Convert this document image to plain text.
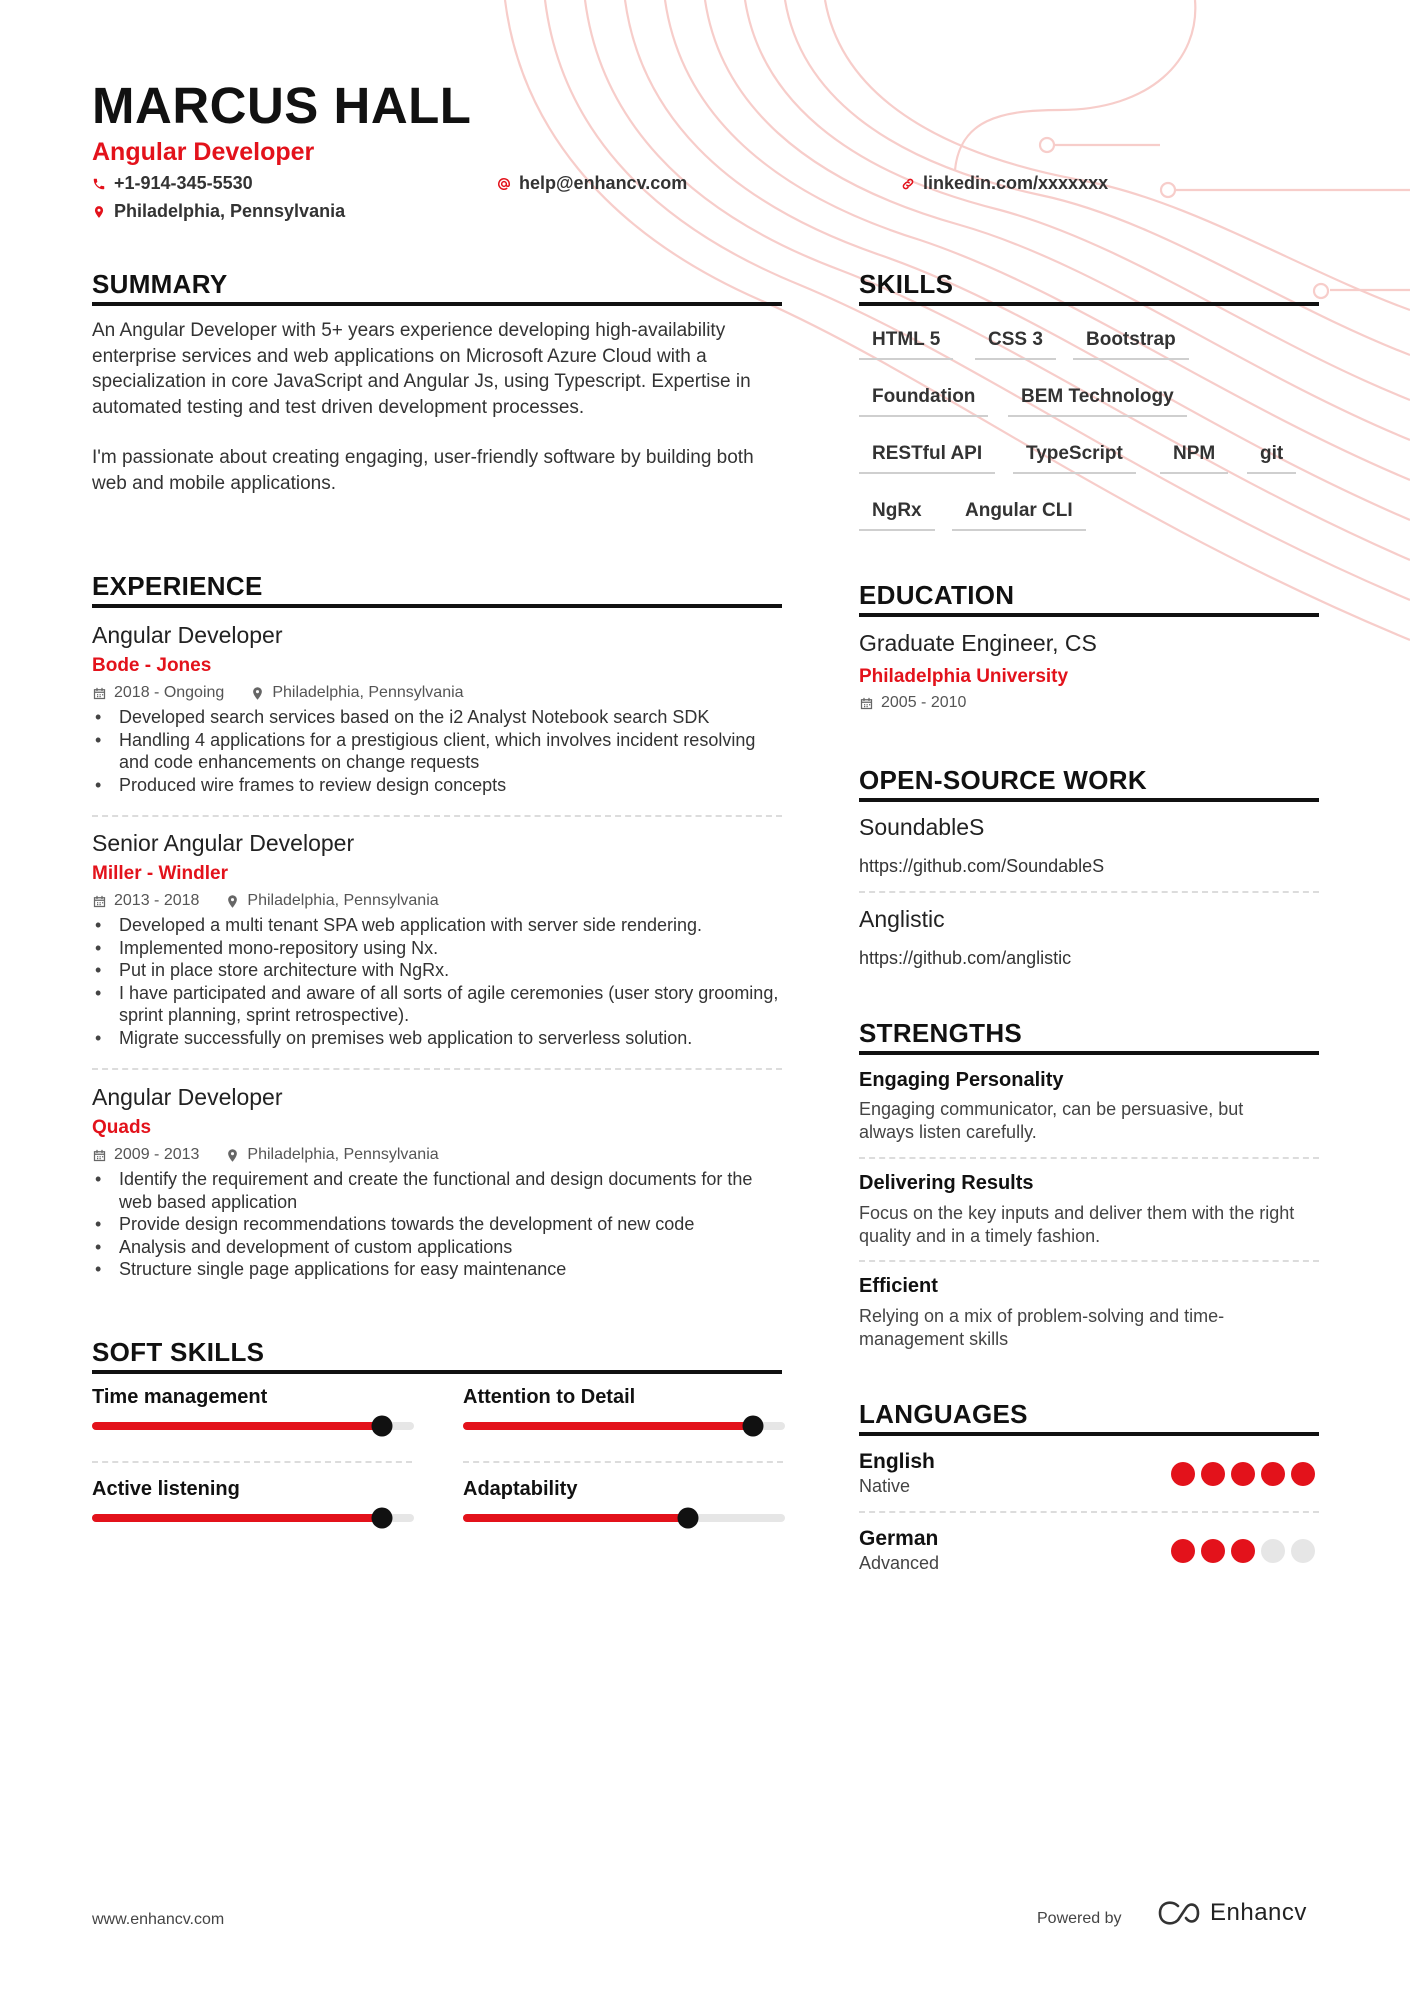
MARCUS HALL
Angular Developer
+1-914-345-5530	help@enhancv.com	linkedin.com/xxxxxxx
Philadelphia, Pennsylvania
SUMMARY

An Angular Developer with 5+ years experience developing high-availability enterprise services and web applications on Microsoft Azure Cloud with a specialization in core JavaScript and Angular Js, using Typescript. Expertise in automated testing and test driven development processes.

I'm passionate about creating engaging, user-friendly software by building both web and mobile applications.

EXPERIENCE
Angular Developer
Bode - Jones
2018 - Ongoing	Philadelphia, Pennsylvania
• Developed search services based on the i2 Analyst Notebook search SDK
• Handling 4 applications for a prestigious client, which involves incident resolving and code enhancements on change requests
• Produced wire frames to review design concepts
Senior Angular Developer
Miller - Windler
2013 - 2018	Philadelphia, Pennsylvania
• Developed a multi tenant SPA web application with server side rendering.
• Implemented mono-repository using Nx.
• Put in place store architecture with NgRx.
• I have participated and aware of all sorts of agile ceremonies (user story grooming, sprint planning, sprint retrospective).
• Migrate successfully on premises web application to serverless solution.
Angular Developer
Quads
2009 - 2013	Philadelphia, Pennsylvania
• Identify the requirement and create the functional and design documents for the web based application
• Provide design recommendations towards the development of new code
• Analysis and development of custom applications
• Structure single page applications for easy maintenance
SOFT SKILLS
Time management	Attention to Detail
Active listening	Adaptability
SKILLS
HTML 5	CSS 3	Bootstrap
Foundation	BEM Technology
RESTful API	TypeScript	NPM	git
NgRx	Angular CLI
EDUCATION
Graduate Engineer, CS
Philadelphia University
2005 - 2010
OPEN-SOURCE WORK
SoundableS
https://github.com/SoundableS
Anglistic
https://github.com/anglistic
STRENGTHS
Engaging Personality
Engaging communicator, can be persuasive, but always listen carefully.
Delivering Results
Focus on the key inputs and deliver them with the right quality and in a timely fashion.
Efficient
Relying on a mix of problem-solving and time-management skills
LANGUAGES
English
Native
German
Advanced
www.enhancv.com	Powered by	Enhancv
